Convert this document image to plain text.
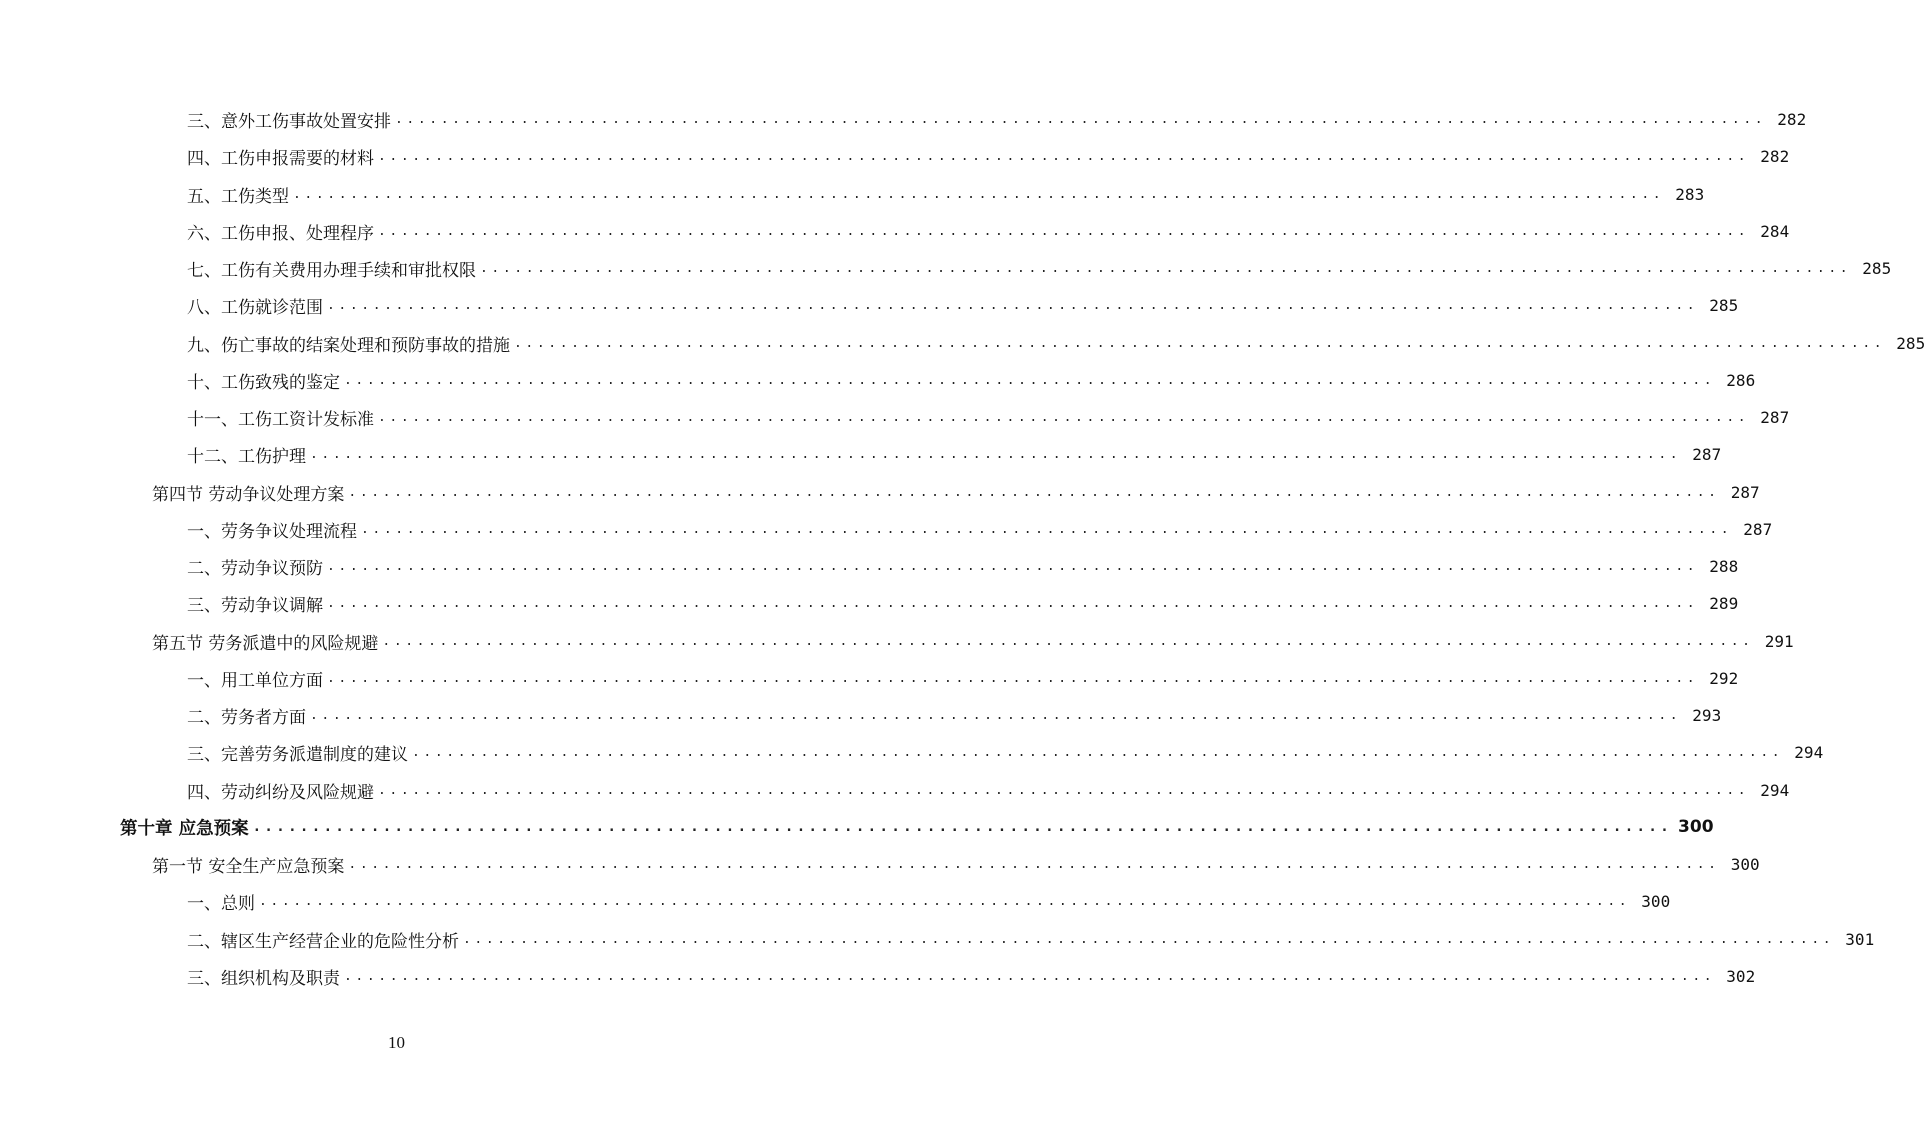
三、意外工伤事故处置安排 ........................................................................................................................ 282
四、工伤申报需要的材料 ........................................................................................................................ 282
五、工伤类型 ........................................................................................................................ 283
六、工伤申报、处理程序 ........................................................................................................................ 284
七、工伤有关费用办理手续和审批权限 ........................................................................................................................ 285
八、工伤就诊范围 ........................................................................................................................ 285
九、伤亡事故的结案处理和预防事故的措施 ........................................................................................................................ 285
十、工伤致残的鉴定 ........................................................................................................................ 286
十一、工伤工资计发标准 ........................................................................................................................ 287
十二、工伤护理 ........................................................................................................................ 287
第四节 劳动争议处理方案 ........................................................................................................................ 287
一、劳务争议处理流程 ........................................................................................................................ 287
二、劳动争议预防 ........................................................................................................................ 288
三、劳动争议调解 ........................................................................................................................ 289
第五节 劳务派遣中的风险规避 ........................................................................................................................ 291
一、用工单位方面 ........................................................................................................................ 292
二、劳务者方面 ........................................................................................................................ 293
三、完善劳务派遣制度的建议 ........................................................................................................................ 294
四、劳动纠纷及风险规避 ........................................................................................................................ 294
第十章 应急预案 ........................................................................................................................ 300
第一节 安全生产应急预案 ........................................................................................................................ 300
一、总则 ........................................................................................................................ 300
二、辖区生产经营企业的危险性分析 ........................................................................................................................ 301
三、组织机构及职责 ........................................................................................................................ 302
10
